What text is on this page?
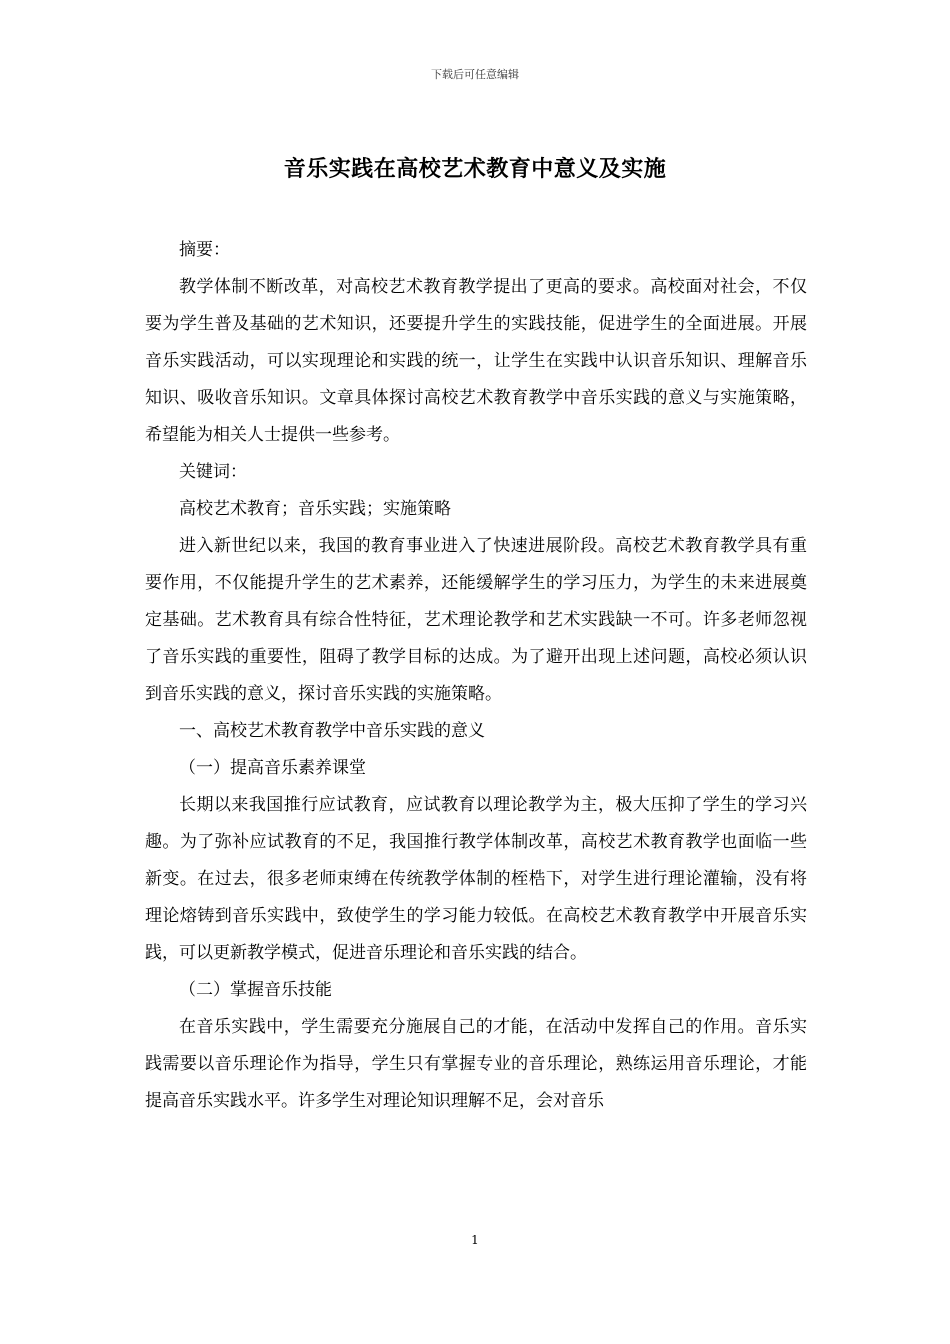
下载后可任意编辑
音乐实践在高校艺术教育中意义及实施

摘要：

教学体制不断改革，对高校艺术教育教学提出了更高的要求。高校面对社会，不仅要为学生普及基础的艺术知识，还要提升学生的实践技能，促进学生的全面进展。开展音乐实践活动，可以实现理论和实践的统一，让学生在实践中认识音乐知识、理解音乐知识、吸收音乐知识。文章具体探讨高校艺术教育教学中音乐实践的意义与实施策略，希望能为相关人士提供一些参考。

关键词：

高校艺术教育；音乐实践；实施策略

进入新世纪以来，我国的教育事业进入了快速进展阶段。高校艺术教育教学具有重要作用，不仅能提升学生的艺术素养，还能缓解学生的学习压力，为学生的未来进展奠定基础。艺术教育具有综合性特征，艺术理论教学和艺术实践缺一不可。许多老师忽视了音乐实践的重要性，阻碍了教学目标的达成。为了避开出现上述问题，高校必须认识到音乐实践的意义，探讨音乐实践的实施策略。

一、高校艺术教育教学中音乐实践的意义

（一）提高音乐素养课堂

长期以来我国推行应试教育，应试教育以理论教学为主，极大压抑了学生的学习兴趣。为了弥补应试教育的不足，我国推行教学体制改革，高校艺术教育教学也面临一些新变。在过去，很多老师束缚在传统教学体制的桎梏下，对学生进行理论灌输，没有将理论熔铸到音乐实践中，致使学生的学习能力较低。在高校艺术教育教学中开展音乐实践，可以更新教学模式，促进音乐理论和音乐实践的结合。

（二）掌握音乐技能

在音乐实践中，学生需要充分施展自己的才能，在活动中发挥自己的作用。音乐实践需要以音乐理论作为指导，学生只有掌握专业的音乐理论，熟练运用音乐理论，才能提高音乐实践水平。许多学生对理论知识理解不足，会对音乐

1
